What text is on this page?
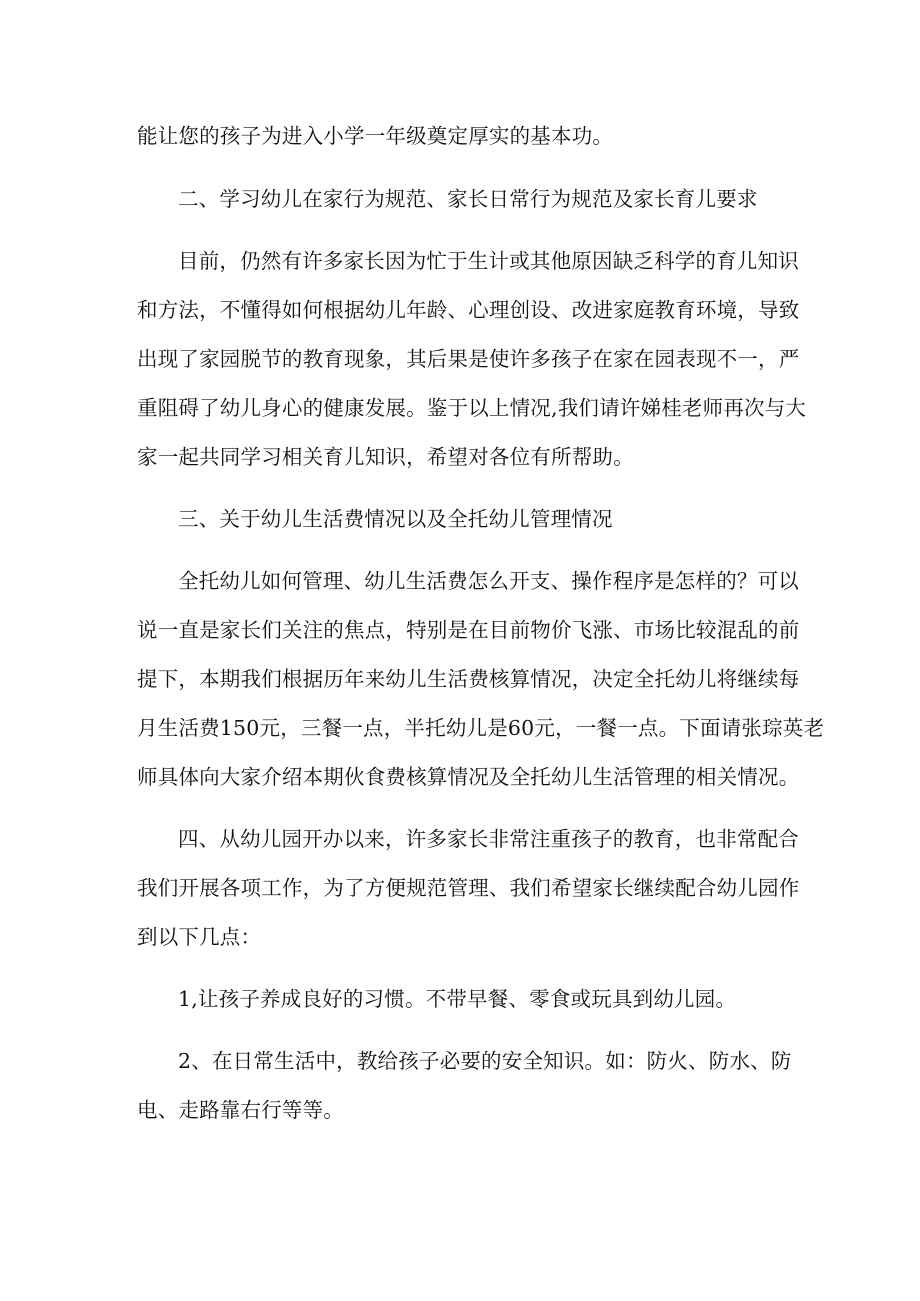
能让您的孩子为进入小学一年级奠定厚实的基本功。
二、学习幼儿在家行为规范、家长日常行为规范及家长育儿要求
目前，仍然有许多家长因为忙于生计或其他原因缺乏科学的育儿知识
和方法，不懂得如何根据幼儿年龄、心理创设、改进家庭教育环境，导致
出现了家园脱节的教育现象，其后果是使许多孩子在家在园表现不一，严
重阻碍了幼儿身心的健康发展。鉴于以上情况,我们请许娣桂老师再次与大
家一起共同学习相关育儿知识，希望对各位有所帮助。
三、关于幼儿生活费情况以及全托幼儿管理情况
全托幼儿如何管理、幼儿生活费怎么开支、操作程序是怎样的？可以
说一直是家长们关注的焦点，特别是在目前物价飞涨、市场比较混乱的前
提下，本期我们根据历年来幼儿生活费核算情况，决定全托幼儿将继续每
月生活费150元，三餐一点，半托幼儿是60元，一餐一点。下面请张琮英老
师具体向大家介绍本期伙食费核算情况及全托幼儿生活管理的相关情况。
四、从幼儿园开办以来，许多家长非常注重孩子的教育，也非常配合
我们开展各项工作，为了方便规范管理、我们希望家长继续配合幼儿园作
到以下几点：
1,让孩子养成良好的习惯。不带早餐、零食或玩具到幼儿园。
2、在日常生活中，教给孩子必要的安全知识。如：防火、防水、防
电、走路靠右行等等。
